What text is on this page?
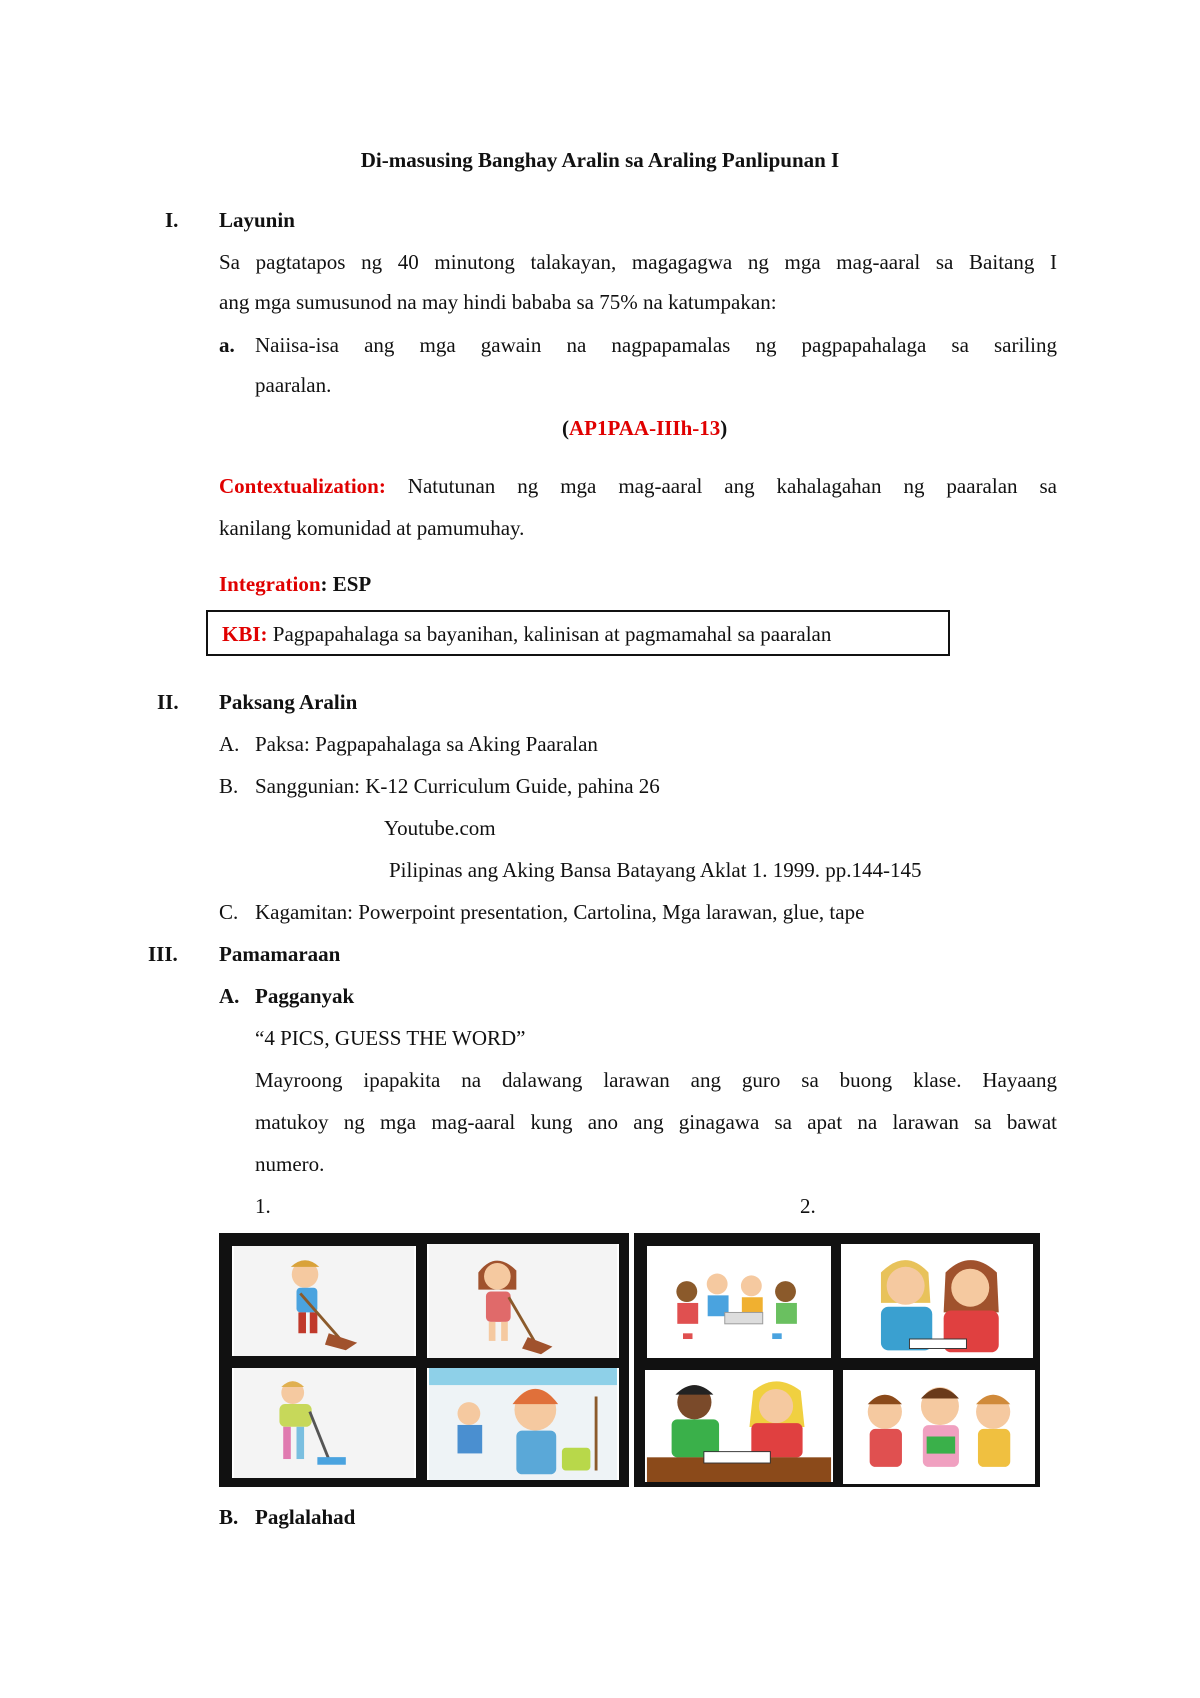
Di-masusing Banghay Aralin sa Araling Panlipunan I
I.	Layunin
Sa pagtatapos ng 40 minutong talakayan, magagagwa ng mga mag-aaral sa Baitang I
ang mga sumusunod na may hindi bababa sa 75% na katumpakan:
a. Naiisa-isa ang mga gawain na nagpapamalas ng pagpapahalaga sa sariling
paaralan.
(AP1PAA-IIIh-13)
Contextualization: Natutunan ng mga mag-aaral ang kahalagahan ng paaralan sa
kanilang komunidad at pamumuhay.
Integration: ESP
KBI: Pagpapahalaga sa bayanihan, kalinisan at pagmamahal sa paaralan
II.	Paksang Aralin
A. Paksa: Pagpapahalaga sa Aking Paaralan
B. Sanggunian: K-12 Curriculum Guide, pahina 26
Youtube.com
Pilipinas ang Aking Bansa Batayang Aklat 1. 1999. pp.144-145
C. Kagamitan: Powerpoint presentation, Cartolina, Mga larawan, glue, tape
III.	Pamamaraan
A. Pagganyak
“4 PICS, GUESS THE WORD”
Mayroong ipapakita na dalawang larawan ang guro sa buong klase. Hayaang
matukoy ng mga mag-aaral kung ano ang ginagawa sa apat na larawan sa bawat
numero.
1.	2.
B. Paglalahad
